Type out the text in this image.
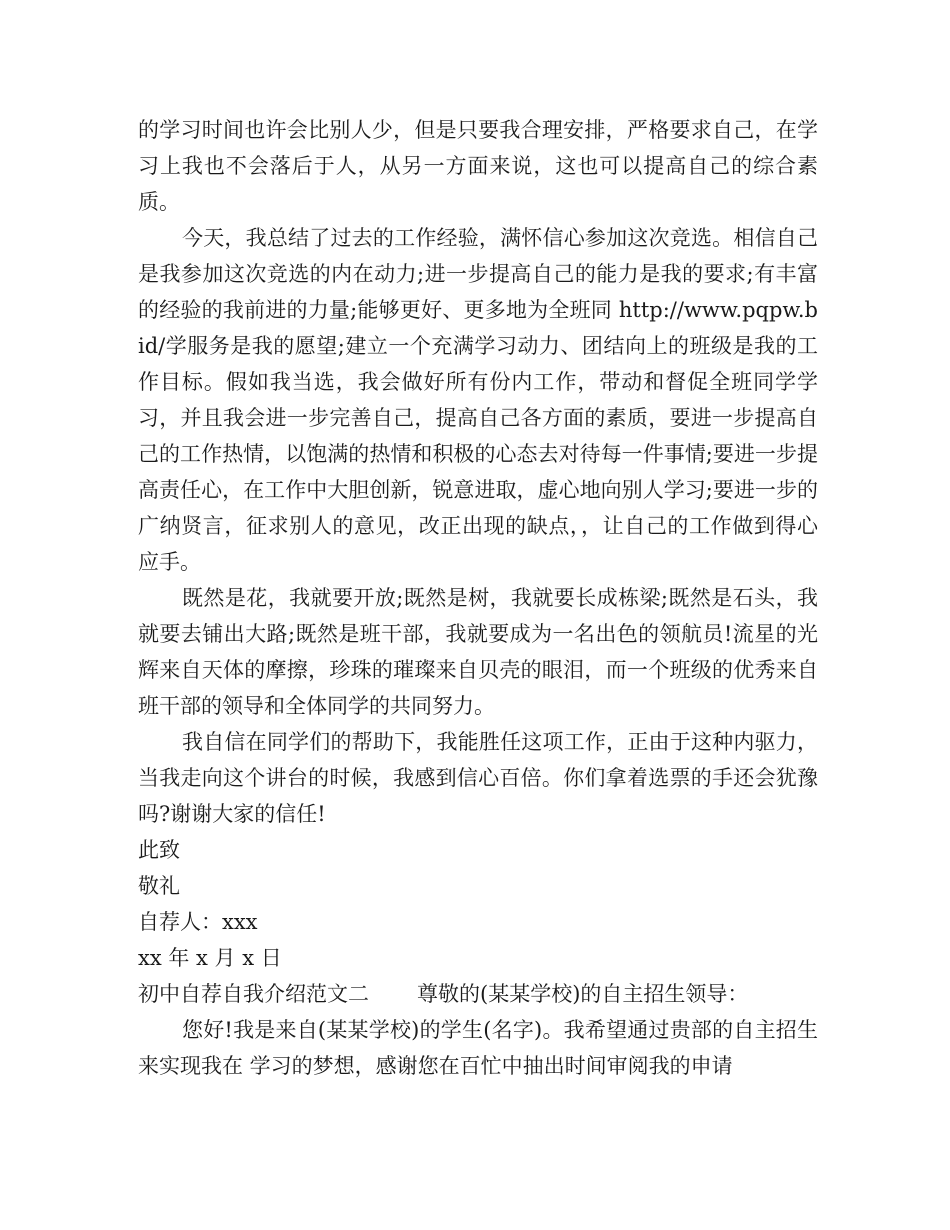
的学习时间也许会比别人少，但是只要我合理安排，严格要求自己，在学习上我也不会落后于人，从另一方面来说，这也可以提高自己的综合素质。

今天，我总结了过去的工作经验，满怀信心参加这次竞选。相信自己是我参加这次竞选的内在动力;进一步提高自己的能力是我的要求;有丰富的经验的我前进的力量;能够更好、更多地为全班同 http://www.pqpw.bid/学服务是我的愿望;建立一个充满学习动力、团结向上的班级是我的工作目标。假如我当选，我会做好所有份内工作，带动和督促全班同学学习，并且我会进一步完善自己，提高自己各方面的素质，要进一步提高自己的工作热情，以饱满的热情和积极的心态去对待每一件事情;要进一步提高责任心，在工作中大胆创新，锐意进取，虚心地向别人学习;要进一步的广纳贤言，征求别人的意见，改正出现的缺点，，让自己的工作做到得心应手。

既然是花，我就要开放;既然是树，我就要长成栋梁;既然是石头，我就要去铺出大路;既然是班干部，我就要成为一名出色的领航员!流星的光辉来自天体的摩擦，珍珠的璀璨来自贝壳的眼泪，而一个班级的优秀来自班干部的领导和全体同学的共同努力。

我自信在同学们的帮助下，我能胜任这项工作，正由于这种内驱力，当我走向这个讲台的时候，我感到信心百倍。你们拿着选票的手还会犹豫吗?谢谢大家的信任!

此致

敬礼

自荐人：xxx

xx 年 x 月 x 日

初中自荐自我介绍范文二 尊敬的(某某学校)的自主招生领导：

您好!我是来自(某某学校)的学生(名字)。我希望通过贵部的自主招生来实现我在 学习的梦想，感谢您在百忙中抽出时间审阅我的申请
